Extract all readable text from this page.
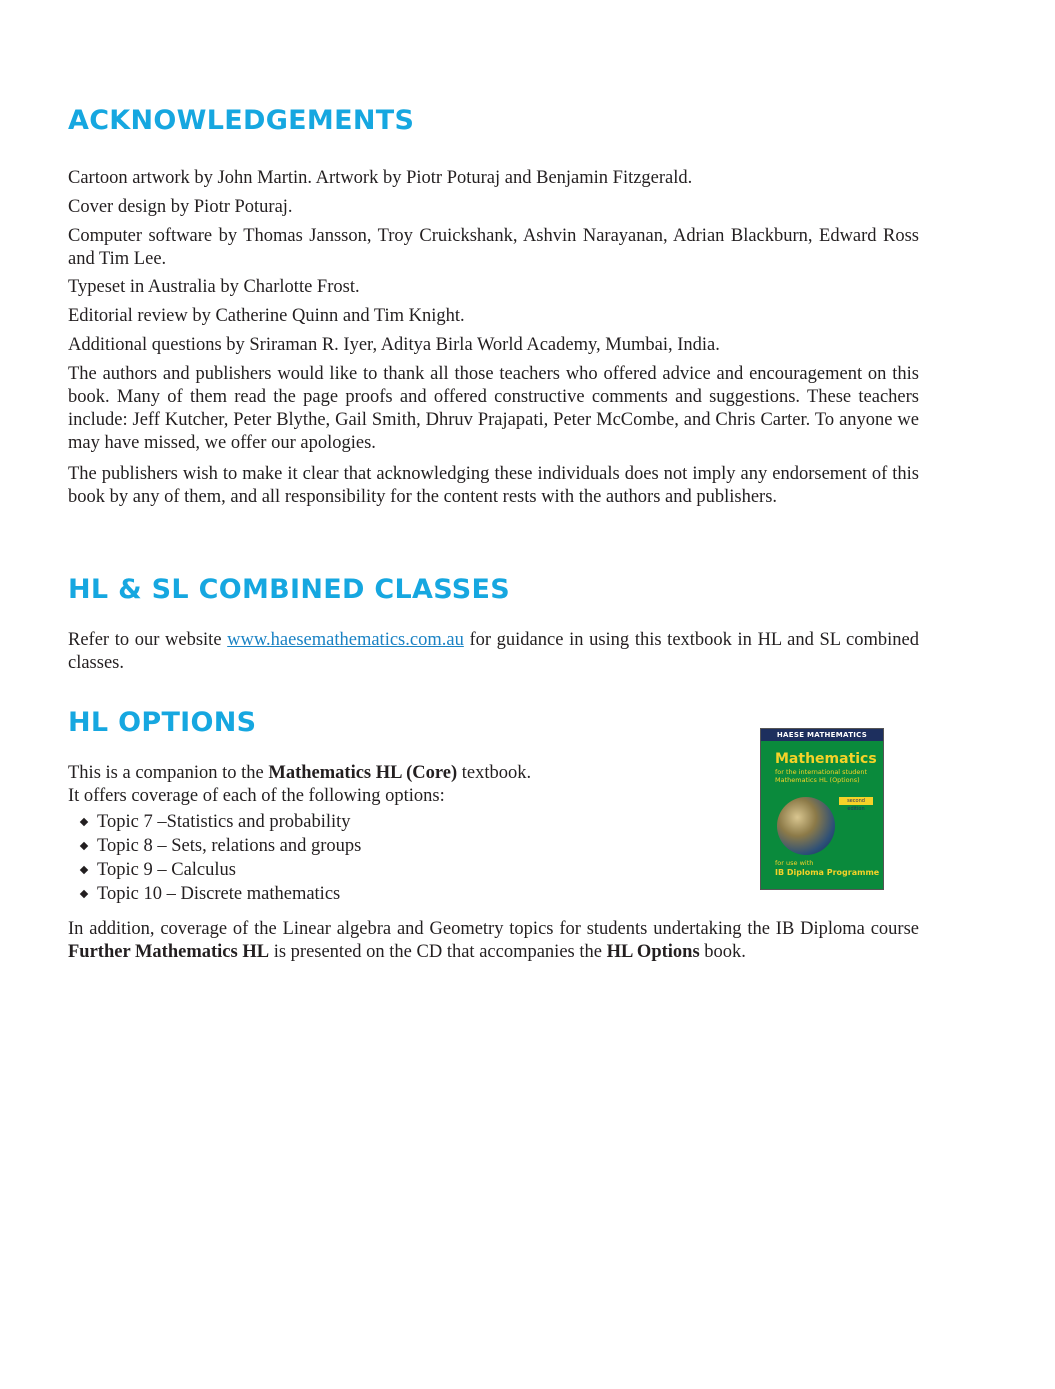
ACKNOWLEDGEMENTS

Cartoon artwork by John Martin. Artwork by Piotr Poturaj and Benjamin Fitzgerald.

Cover design by Piotr Poturaj.

Computer software by Thomas Jansson, Troy Cruickshank, Ashvin Narayanan, Adrian Blackburn, Edward Ross and Tim Lee.

Typeset in Australia by Charlotte Frost.

Editorial review by Catherine Quinn and Tim Knight.

Additional questions by Sriraman R. Iyer, Aditya Birla World Academy, Mumbai, India.

The authors and publishers would like to thank all those teachers who offered advice and encouragement on this book. Many of them read the page proofs and offered constructive comments and suggestions. These teachers include: Jeff Kutcher, Peter Blythe, Gail Smith, Dhruv Prajapati, Peter McCombe, and Chris Carter. To anyone we may have missed, we offer our apologies.

The publishers wish to make it clear that acknowledging these individuals does not imply any endorsement of this book by any of them, and all responsibility for the content rests with the authors and publishers.

HL & SL COMBINED CLASSES

Refer to our website www.haesemathematics.com.au for guidance in using this textbook in HL and SL combined classes.

HL OPTIONS

This is a companion to the Mathematics HL (Core) textbook.
It offers coverage of each of the following options:

Topic 7 –Statistics and probability
Topic 8 – Sets, relations and groups
Topic 9 – Calculus
Topic 10 – Discrete mathematics

In addition, coverage of the Linear algebra and Geometry topics for students undertaking the IB Diploma course Further Mathematics HL is presented on the CD that accompanies the HL Options book.

HAESE MATHEMATICS
Mathematics
for the international student
Mathematics HL (Options)
second edition
for use with
IB Diploma Programme
